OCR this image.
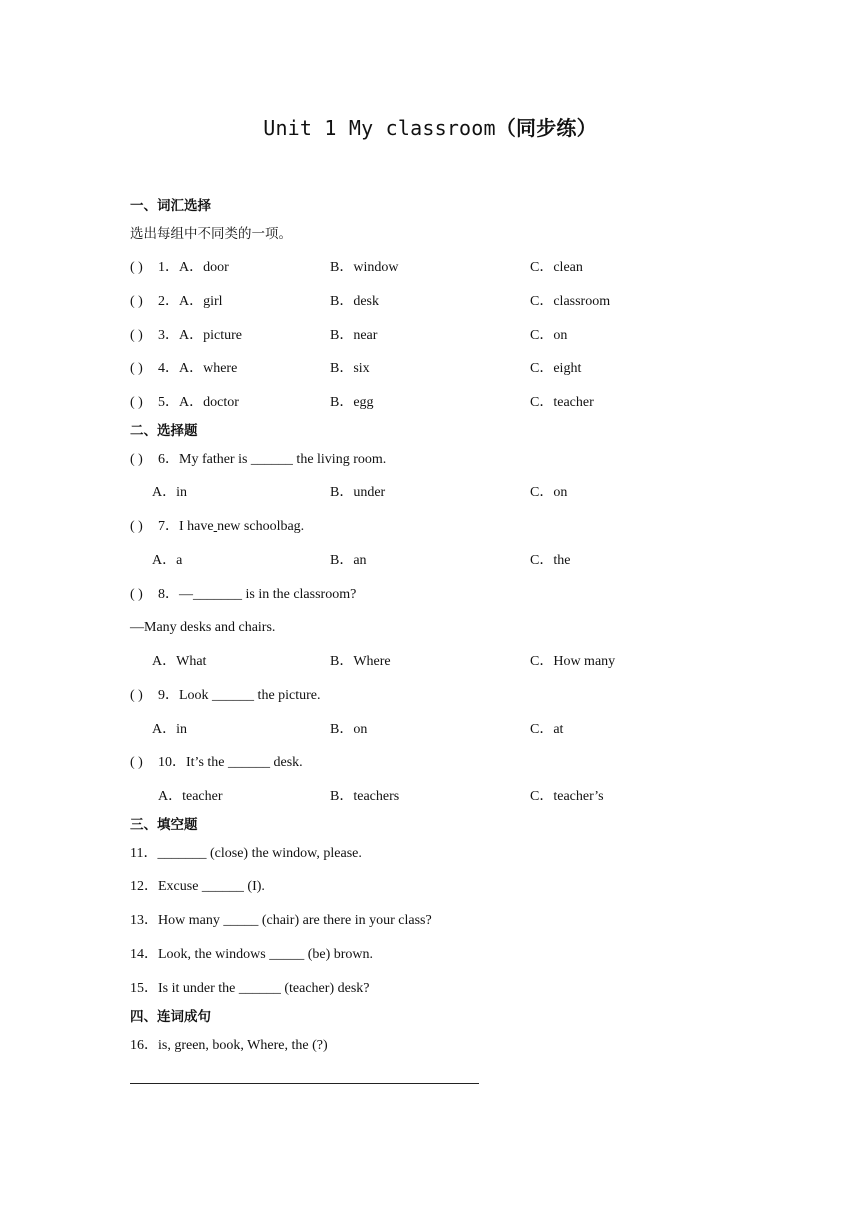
Unit 1 My classroom（同步练）
一、词汇选择
选出每组中不同类的一项。
( ) 1．A．door	B．window	C．clean
( ) 2．A．girl	B．desk	C．classroom
( ) 3．A．picture	B．near	C．on
( ) 4．A．where	B．six	C．eight
( ) 5．A．doctor	B．egg	C．teacher
二、选择题
( ) 6．My father is ______ the living room.
A．in	B．under	C．on
( ) 7．I have new schoolbag.
A．a	B．an	C．the
( ) 8．—_______ is in the classroom?
—Many desks and chairs.
A．What	B．Where	C．How many
( ) 9．Look ______ the picture.
A．in	B．on	C．at
( ) 10．It’s the ______ desk.
A．teacher	B．teachers	C．teacher’s
三、填空题
11．_______ (close) the window, please.
12．Excuse ______ (I).
13．How many _____ (chair) are there in your class?
14．Look, the windows _____ (be) brown.
15．Is it under the ______ (teacher) desk?
四、连词成句
16．is, green, book, Where, the (?)
